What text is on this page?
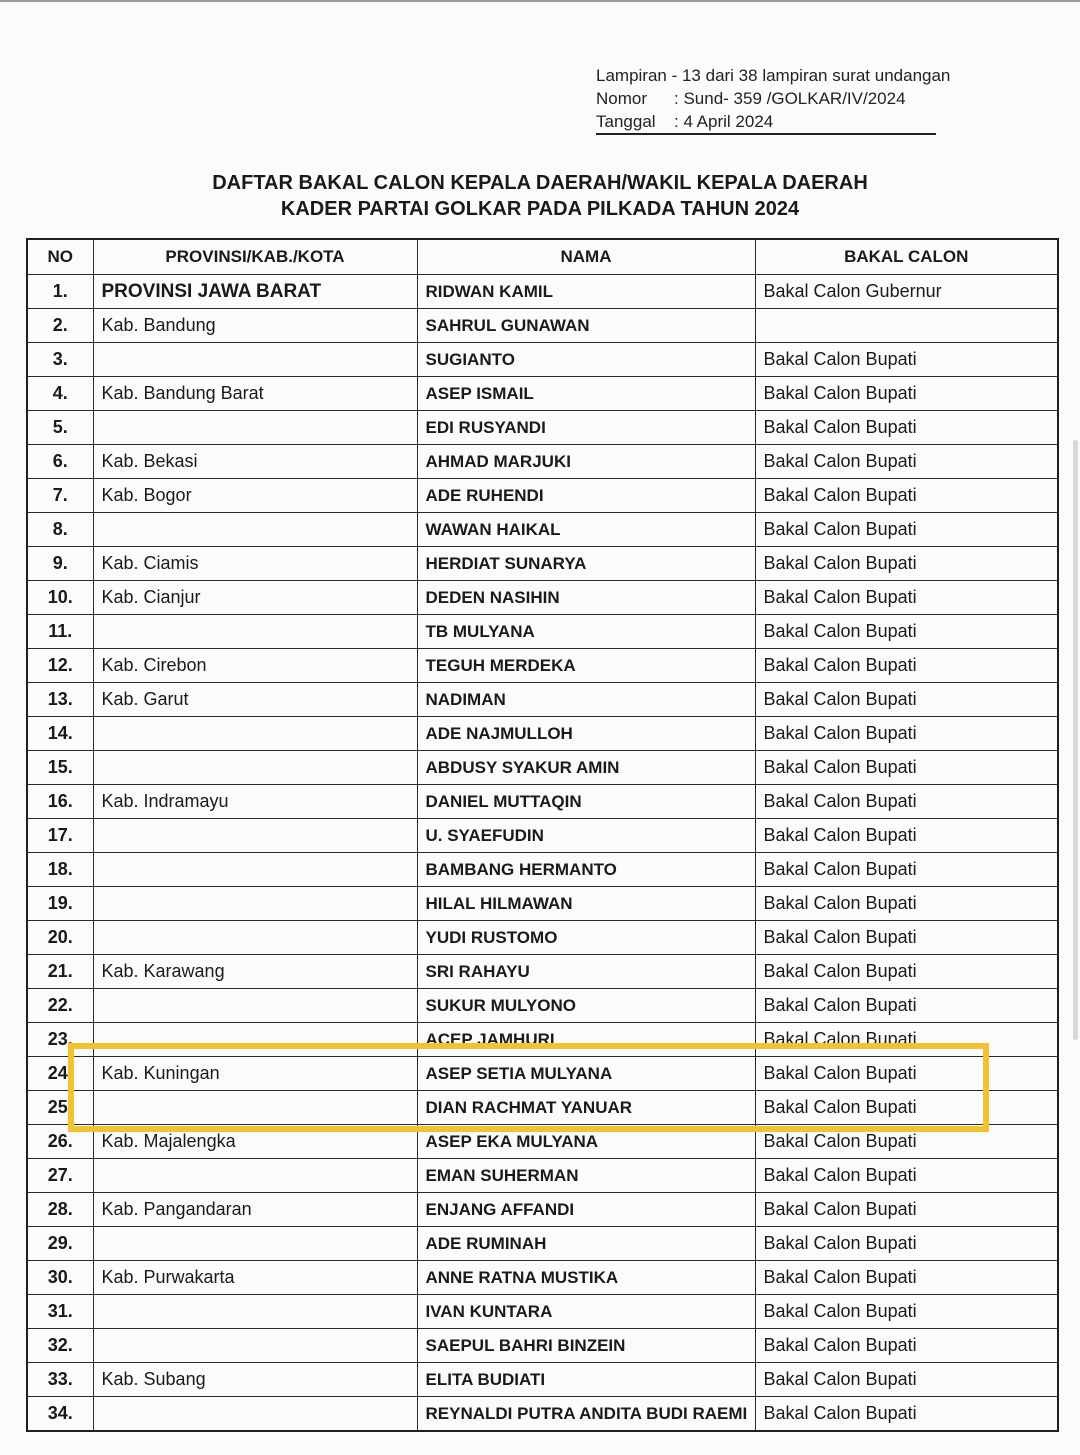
Lampiran - 13 dari 38 lampiran surat undangan
Nomor	: Sund- 359 /GOLKAR/IV/2024
Tanggal	: 4 April 2024
DAFTAR BAKAL CALON KEPALA DAERAH/WAKIL KEPALA DAERAH
KADER PARTAI GOLKAR PADA PILKADA TAHUN 2024
NO	PROVINSI/KAB./KOTA	NAMA	BAKAL CALON
1.	PROVINSI JAWA BARAT	RIDWAN KAMIL	Bakal Calon Gubernur
2.	Kab. Bandung	SAHRUL GUNAWAN	
3.		SUGIANTO	Bakal Calon Bupati
4.	Kab. Bandung Barat	ASEP ISMAIL	Bakal Calon Bupati
5.		EDI RUSYANDI	Bakal Calon Bupati
6.	Kab. Bekasi	AHMAD MARJUKI	Bakal Calon Bupati
7.	Kab. Bogor	ADE RUHENDI	Bakal Calon Bupati
8.		WAWAN HAIKAL	Bakal Calon Bupati
9.	Kab. Ciamis	HERDIAT SUNARYA	Bakal Calon Bupati
10.	Kab. Cianjur	DEDEN NASIHIN	Bakal Calon Bupati
11.		TB MULYANA	Bakal Calon Bupati
12.	Kab. Cirebon	TEGUH MERDEKA	Bakal Calon Bupati
13.	Kab. Garut	NADIMAN	Bakal Calon Bupati
14.		ADE NAJMULLOH	Bakal Calon Bupati
15.		ABDUSY SYAKUR AMIN	Bakal Calon Bupati
16.	Kab. Indramayu	DANIEL MUTTAQIN	Bakal Calon Bupati
17.		U. SYAEFUDIN	Bakal Calon Bupati
18.		BAMBANG HERMANTO	Bakal Calon Bupati
19.		HILAL HILMAWAN	Bakal Calon Bupati
20.		YUDI RUSTOMO	Bakal Calon Bupati
21.	Kab. Karawang	SRI RAHAYU	Bakal Calon Bupati
22.		SUKUR MULYONO	Bakal Calon Bupati
23.		ACEP JAMHURI	Bakal Calon Bupati
24.	Kab. Kuningan	ASEP SETIA MULYANA	Bakal Calon Bupati
25.		DIAN RACHMAT YANUAR	Bakal Calon Bupati
26.	Kab. Majalengka	ASEP EKA MULYANA	Bakal Calon Bupati
27.		EMAN SUHERMAN	Bakal Calon Bupati
28.	Kab. Pangandaran	ENJANG AFFANDI	Bakal Calon Bupati
29.		ADE RUMINAH	Bakal Calon Bupati
30.	Kab. Purwakarta	ANNE RATNA MUSTIKA	Bakal Calon Bupati
31.		IVAN KUNTARA	Bakal Calon Bupati
32.		SAEPUL BAHRI BINZEIN	Bakal Calon Bupati
33.	Kab. Subang	ELITA BUDIATI	Bakal Calon Bupati
34.		REYNALDI PUTRA ANDITA BUDI RAEMI	Bakal Calon Bupati
